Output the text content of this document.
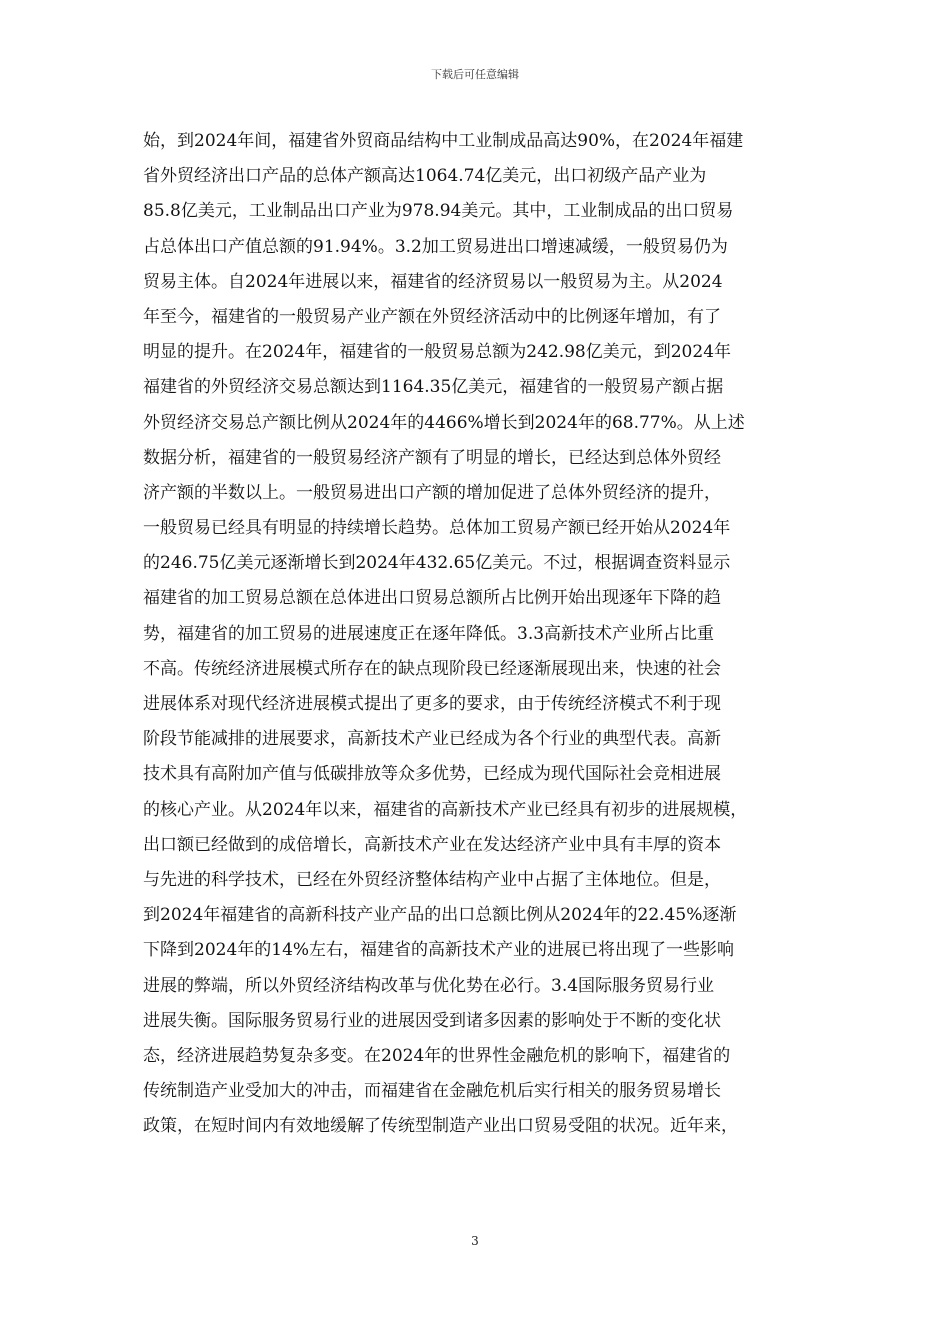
下载后可任意编辑
始，到2024年间，福建省外贸商品结构中工业制成品高达90%，在2024年福建
省外贸经济出口产品的总体产额高达1064.74亿美元，出口初级产品产业为
85.8亿美元，工业制品出口产业为978.94美元。其中，工业制成品的出口贸易
占总体出口产值总额的91.94%。3.2加工贸易进出口增速减缓，一般贸易仍为
贸易主体。自2024年进展以来，福建省的经济贸易以一般贸易为主。从2024
年至今，福建省的一般贸易产业产额在外贸经济活动中的比例逐年增加，有了
明显的提升。在2024年，福建省的一般贸易总额为242.98亿美元，到2024年
福建省的外贸经济交易总额达到1164.35亿美元，福建省的一般贸易产额占据
外贸经济交易总产额比例从2024年的4466%增长到2024年的68.77%。从上述
数据分析，福建省的一般贸易经济产额有了明显的增长，已经达到总体外贸经
济产额的半数以上。一般贸易进出口产额的增加促进了总体外贸经济的提升，
一般贸易已经具有明显的持续增长趋势。总体加工贸易产额已经开始从2024年
的246.75亿美元逐渐增长到2024年432.65亿美元。不过，根据调查资料显示
福建省的加工贸易总额在总体进出口贸易总额所占比例开始出现逐年下降的趋
势，福建省的加工贸易的进展速度正在逐年降低。3.3高新技术产业所占比重
不高。传统经济进展模式所存在的缺点现阶段已经逐渐展现出来，快速的社会
进展体系对现代经济进展模式提出了更多的要求，由于传统经济模式不利于现
阶段节能减排的进展要求，高新技术产业已经成为各个行业的典型代表。高新
技术具有高附加产值与低碳排放等众多优势，已经成为现代国际社会竞相进展
的核心产业。从2024年以来，福建省的高新技术产业已经具有初步的进展规模，
出口额已经做到的成倍增长，高新技术产业在发达经济产业中具有丰厚的资本
与先进的科学技术，已经在外贸经济整体结构产业中占据了主体地位。但是，
到2024年福建省的高新科技产业产品的出口总额比例从2024年的22.45%逐渐
下降到2024年的14%左右，福建省的高新技术产业的进展已将出现了一些影响
进展的弊端，所以外贸经济结构改革与优化势在必行。3.4国际服务贸易行业
进展失衡。国际服务贸易行业的进展因受到诸多因素的影响处于不断的变化状
态，经济进展趋势复杂多变。在2024年的世界性金融危机的影响下，福建省的
传统制造产业受加大的冲击，而福建省在金融危机后实行相关的服务贸易增长
政策，在短时间内有效地缓解了传统型制造产业出口贸易受阻的状况。近年来，
3
